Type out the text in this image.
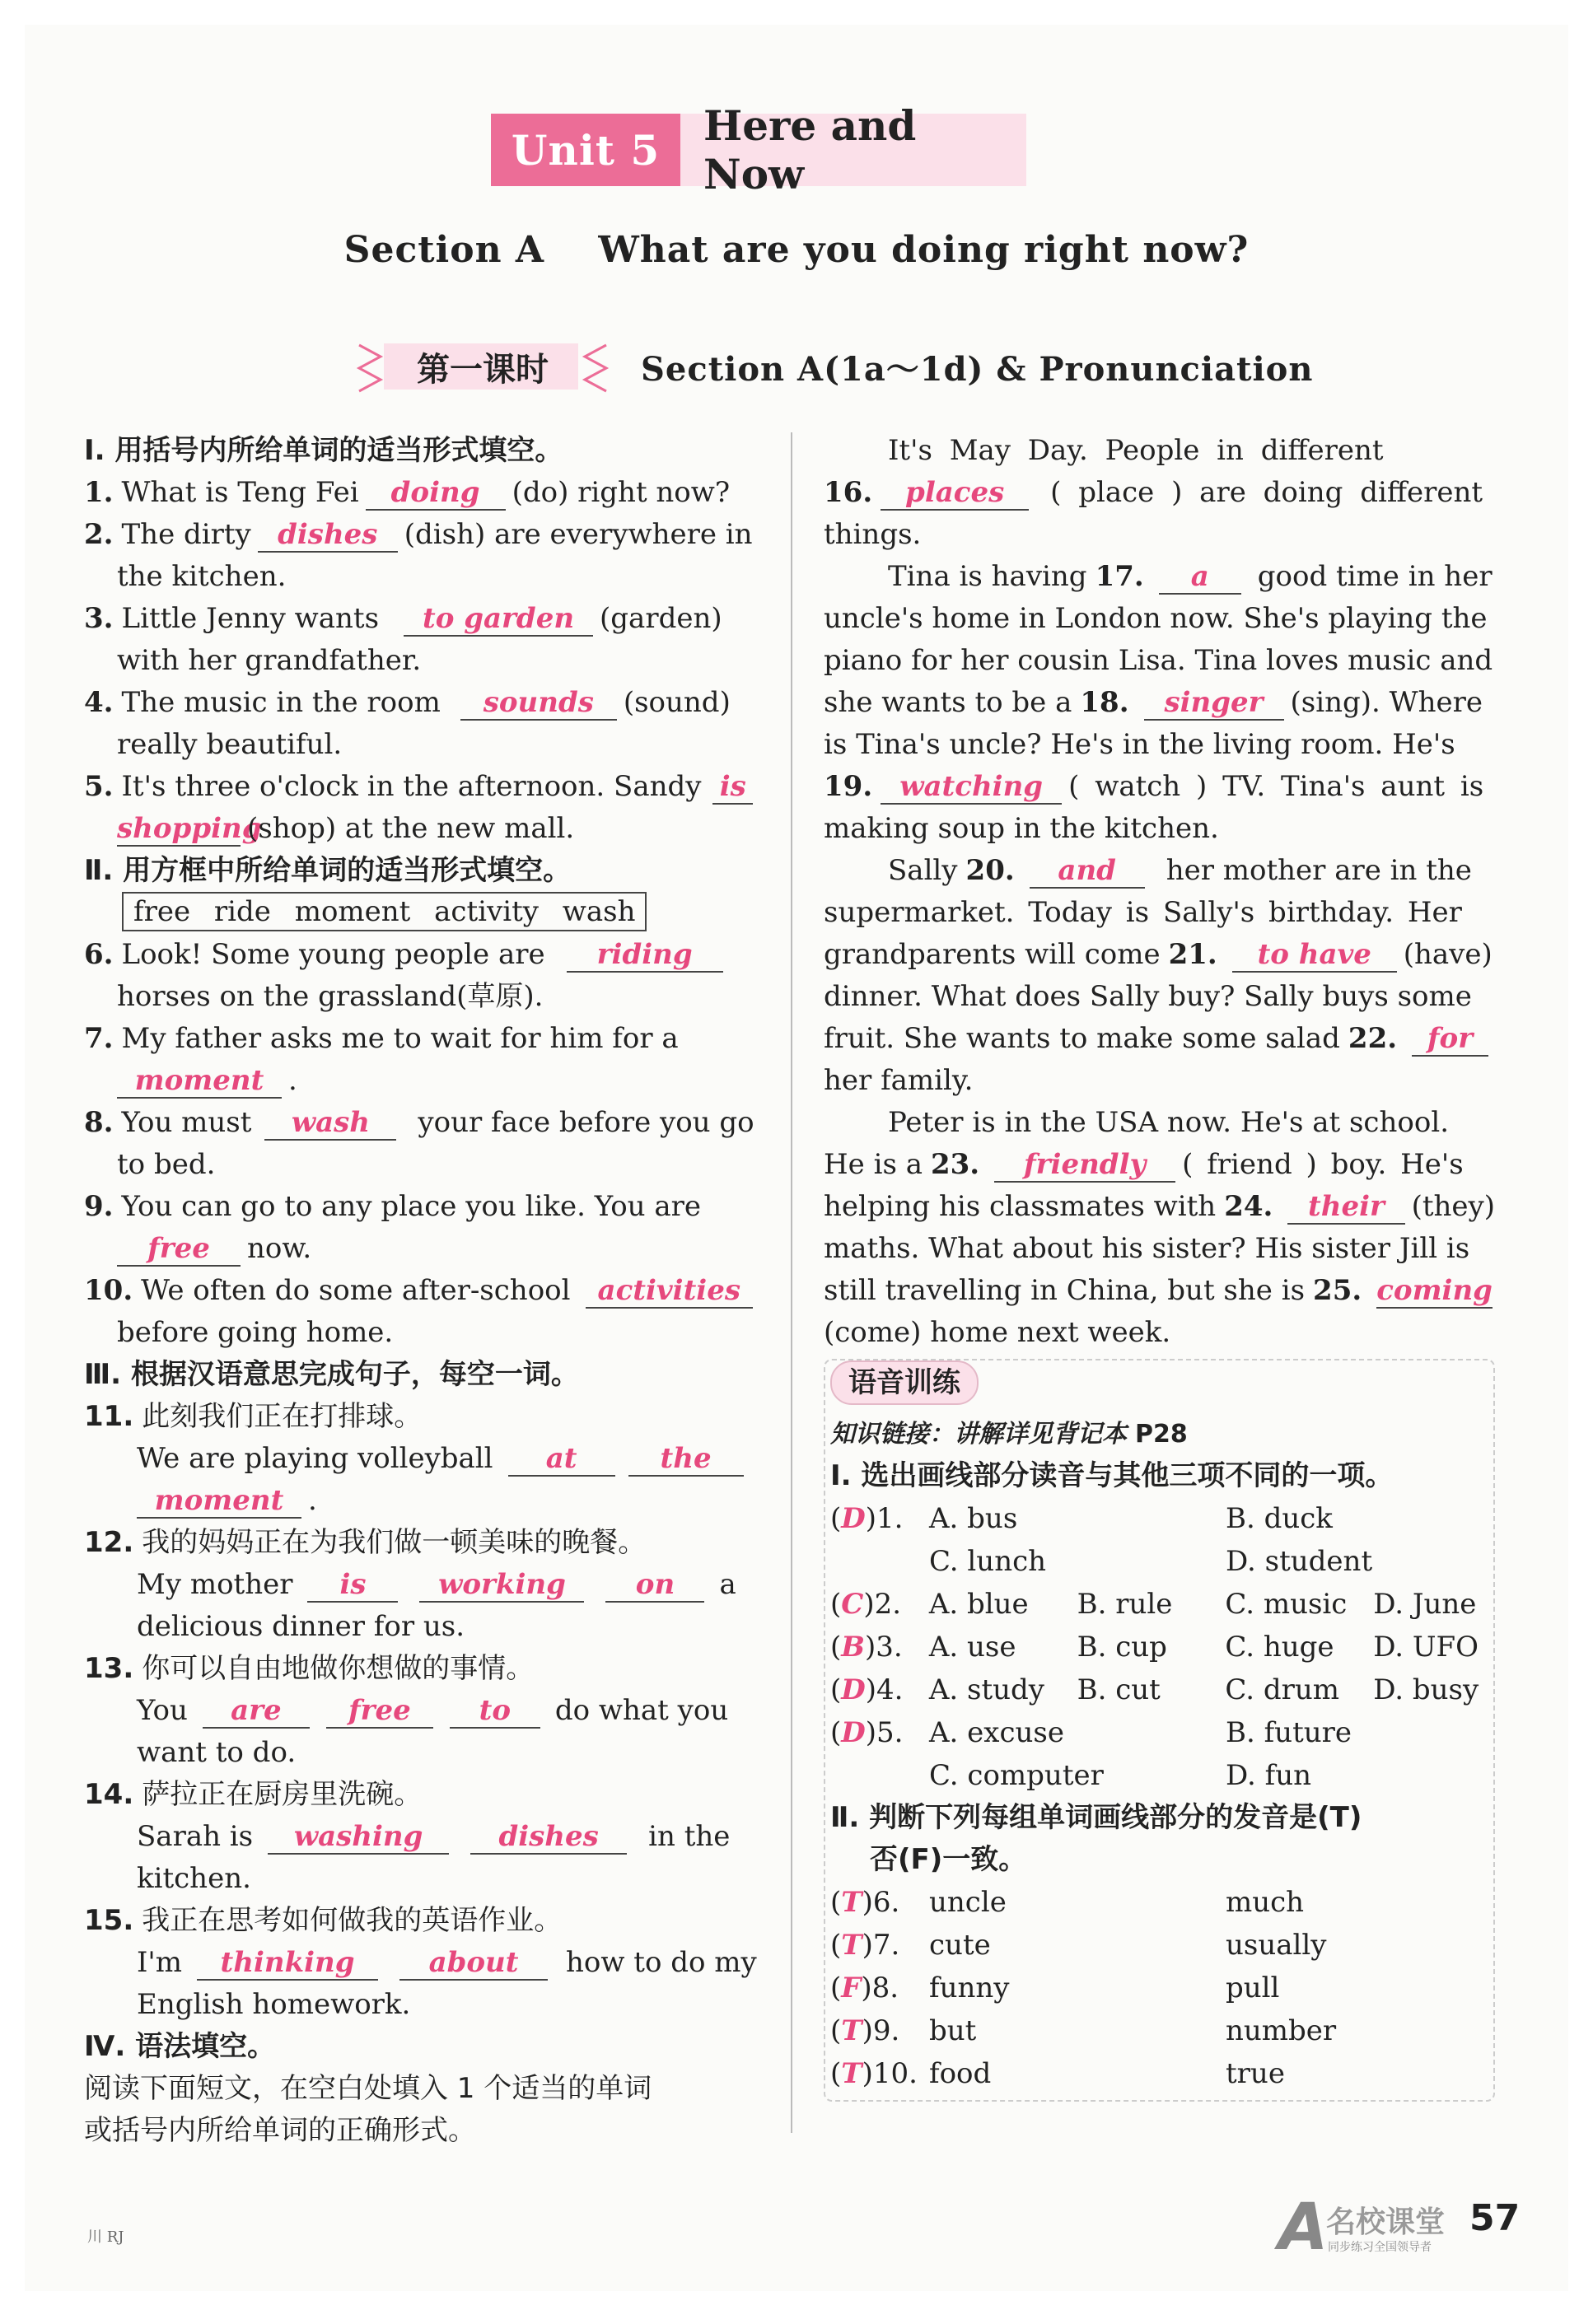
Unit 5	Here and Now
Section A    What are you doing right now?
第一课时	Section A(1a～1d) & Pronunciation
Ⅰ. 用括号内所给单词的适当形式填空。
1. What is Teng Fei	doing	(do) right now?
2. The dirty dishes (dish) are everywhere in
the kitchen.
3. Little Jenny wants	to garden (garden)
with her grandfather.
4. The music in the room	sounds	(sound)
really beautiful.
5. It's three o'clock in the afternoon. Sandy is
shopping
(shop) at the new mall.
Ⅱ. 用方框中所给单词的适当形式填空。
free ride moment activity wash
6. Look! Some young people are	riding
horses on the grassland(草原).
7. My father asks me to wait for him for a
moment .
8. You must	wash	your face before you go
to bed.
9. You can go to any place you like. You are
free	now.
10. We often do some after-school activities
before going home.
Ⅲ. 根据汉语意思完成句子，每空一词。
11. 此刻我们正在打排球。
We are playing volleyball	at	the
moment .
12. 我的妈妈正在为我们做一顿美味的晚餐。
My mother	is	working	on	a
delicious dinner for us.
13. 你可以自由地做你想做的事情。
You	are	free	to	do what you
want to do.
14. 萨拉正在厨房里洗碗。
Sarah is	washing	dishes	in the
kitchen.
15. 我正在思考如何做我的英语作业。
I'm	thinking	about	how to do my
English homework.
Ⅳ. 语法填空。
阅读下面短文，在空白处填入 1 个适当的单词
或括号内所给单词的正确形式。
It's May Day. People in different
16.	places	( place ) are doing different
things.
Tina is having 17.	a	good time in her
uncle's home in London now. She's playing the
piano for her cousin Lisa. Tina loves music and
she wants to be a 18.	singer (sing). Where
is Tina's uncle? He's in the living room. He's
19. watching ( watch ) TV. Tina's aunt is
making soup in the kitchen.
Sally 20.	and	her mother are in the
supermarket. Today is Sally's birthday. Her
grandparents will come 21.	to have	(have)
dinner. What does Sally buy? Sally buys some
fruit. She wants to make some salad 22.	for
her family.
Peter is in the USA now. He's at school.
He is a 23.	friendly	( friend ) boy. He's
helping his classmates with 24.	their (they)
maths. What about his sister? His sister Jill is
still travelling in China, but she is 25. coming
(come) home next week.
语音训练
知识链接：讲解详见背记本 P28
Ⅰ. 选出画线部分读音与其他三项不同的一项。
(D)1. A. bus	B. duck
C. lunch	D. student
(C)2. A. blue	B. rule	C. music D. June
(B)3. A. use	B. cup	C. huge	D. UFO
(D)4. A. study	B. cut	C. drum	D. busy
(D)5. A. excuse	B. future
C. computer	D. fun
Ⅱ. 判断下列每组单词画线部分的发音是(T)
否(F)一致。
(T)6.	uncle	much
(T)7.	cute	usually
(F)8.	funny	pull
(T)9.	but	number
(T)10. food	true
川 RJ	A
名校课堂
同步练习全国领导者
57
